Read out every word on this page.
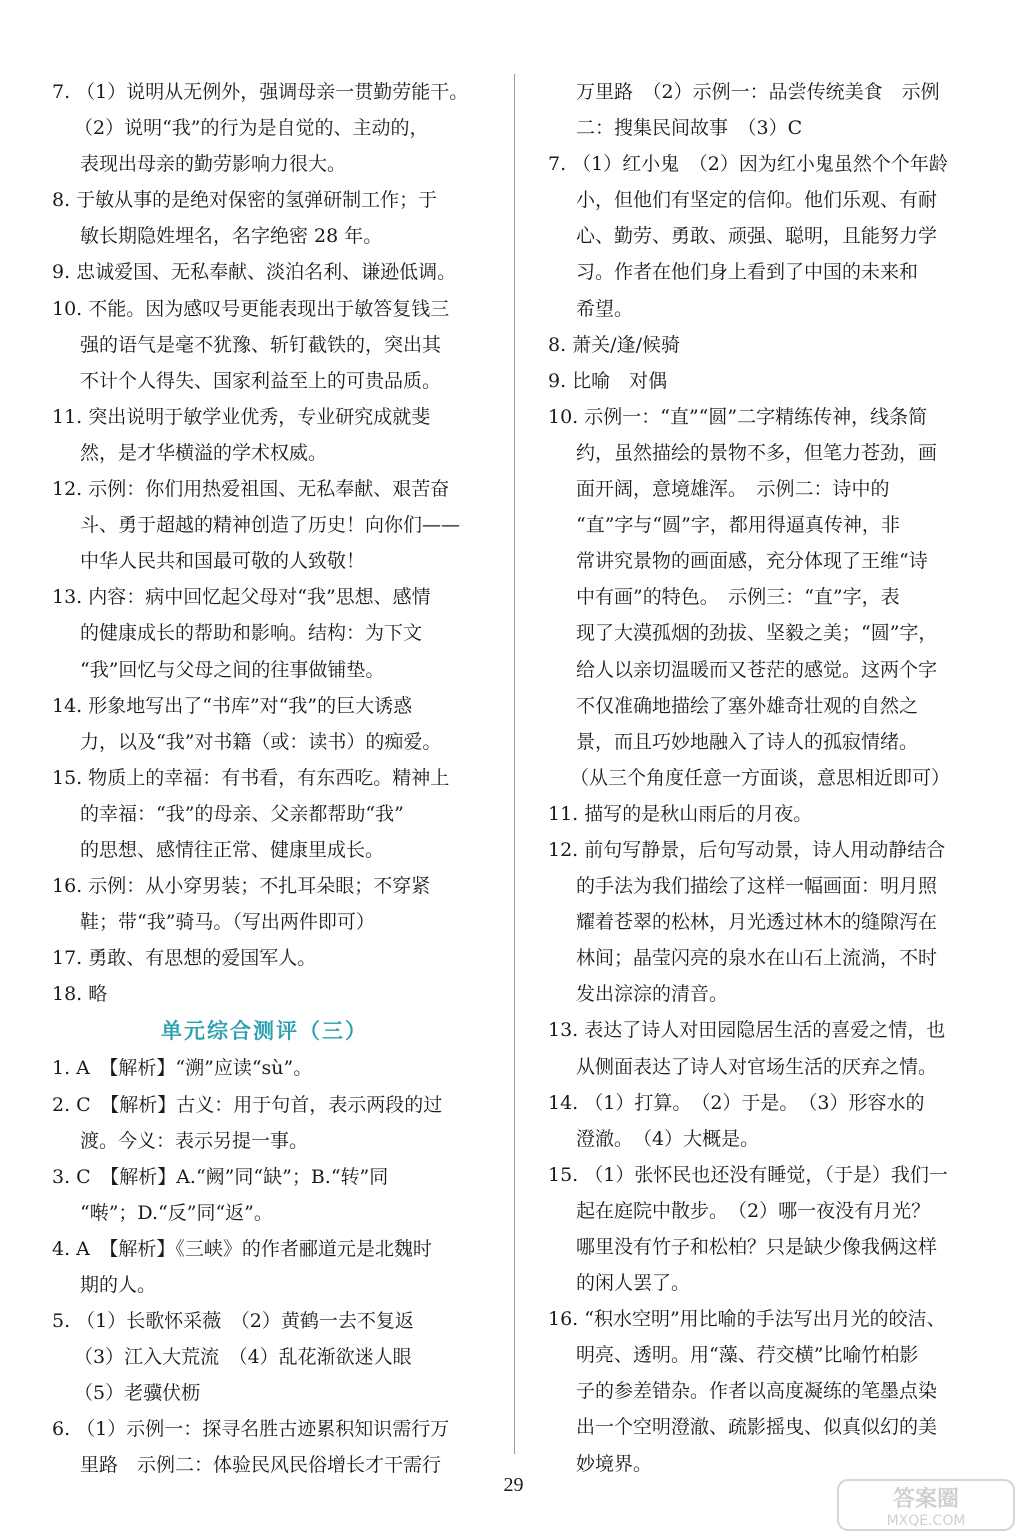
7. （1）说明从无例外，强调母亲一贯勤劳能干。
（2）说明“我”的行为是自觉的、主动的，
表现出母亲的勤劳影响力很大。
8. 于敏从事的是绝对保密的氢弹研制工作；于
敏长期隐姓埋名，名字绝密 28 年。
9. 忠诚爱国、无私奉献、淡泊名利、谦逊低调。
10. 不能。因为感叹号更能表现出于敏答复钱三
强的语气是毫不犹豫、斩钉截铁的，突出其
不计个人得失、国家利益至上的可贵品质。
11. 突出说明于敏学业优秀，专业研究成就斐
然，是才华横溢的学术权威。
12. 示例：你们用热爱祖国、无私奉献、艰苦奋
斗、勇于超越的精神创造了历史！向你们——
中华人民共和国最可敬的人致敬！
13. 内容：病中回忆起父母对“我”思想、感情
的健康成长的帮助和影响。结构：为下文
“我”回忆与父母之间的往事做铺垫。
14. 形象地写出了“书库”对“我”的巨大诱惑
力，以及“我”对书籍（或：读书）的痴爱。
15. 物质上的幸福：有书看，有东西吃。精神上
的幸福：“我”的母亲、父亲都帮助“我”
的思想、感情往正常、健康里成长。
16. 示例：从小穿男装；不扎耳朵眼；不穿紧
鞋；带“我”骑马。（写出两件即可）
17. 勇敢、有思想的爱国军人。
18. 略
单元综合测评（三）
1. A　【解析】“溯”应读“sù”。
2. C　【解析】古义：用于句首，表示两段的过
渡。今义：表示另提一事。
3. C　【解析】A.“阙”同“缺”；B.“转”同
“啭”；D.“反”同“返”。
4. A　【解析】《三峡》的作者郦道元是北魏时
期的人。
5. （1）长歌怀采薇　（2）黄鹤一去不复返
（3）江入大荒流　（4）乱花渐欲迷人眼
（5）老骥伏枥
6. （1）示例一：探寻名胜古迹累积知识需行万
里路　示例二：体验民风民俗增长才干需行
万里路　（2）示例一：品尝传统美食　示例
二：搜集民间故事　（3）C
7. （1）红小鬼　（2）因为红小鬼虽然个个年龄
小，但他们有坚定的信仰。他们乐观、有耐
心、勤劳、勇敢、顽强、聪明，且能努力学
习。作者在他们身上看到了中国的未来和
希望。
8. 萧关/逢/候骑
9. 比喻　对偶
10. 示例一：“直”“圆”二字精练传神，线条简
约，虽然描绘的景物不多，但笔力苍劲，画
面开阔，意境雄浑。　示例二：诗中的
“直”字与“圆”字，都用得逼真传神，非
常讲究景物的画面感，充分体现了王维“诗
中有画”的特色。　示例三：“直”字，表
现了大漠孤烟的劲拔、坚毅之美；“圆”字，
给人以亲切温暖而又苍茫的感觉。这两个字
不仅准确地描绘了塞外雄奇壮观的自然之
景，而且巧妙地融入了诗人的孤寂情绪。
（从三个角度任意一方面谈，意思相近即可）
11. 描写的是秋山雨后的月夜。
12. 前句写静景，后句写动景，诗人用动静结合
的手法为我们描绘了这样一幅画面：明月照
耀着苍翠的松林，月光透过林木的缝隙泻在
林间；晶莹闪亮的泉水在山石上流淌，不时
发出淙淙的清音。
13. 表达了诗人对田园隐居生活的喜爱之情，也
从侧面表达了诗人对官场生活的厌弃之情。
14. （1）打算。　（2）于是。　（3）形容水的
澄澈。　（4）大概是。
15. （1）张怀民也还没有睡觉，（于是）我们一
起在庭院中散步。　（2）哪一夜没有月光？
哪里没有竹子和松柏？只是缺少像我俩这样
的闲人罢了。
16. “积水空明”用比喻的手法写出月光的皎洁、
明亮、透明。用“藻、荇交横”比喻竹柏影
子的参差错杂。作者以高度凝练的笔墨点染
出一个空明澄澈、疏影摇曳、似真似幻的美
妙境界。
29
答案圈
MXQE.COM
